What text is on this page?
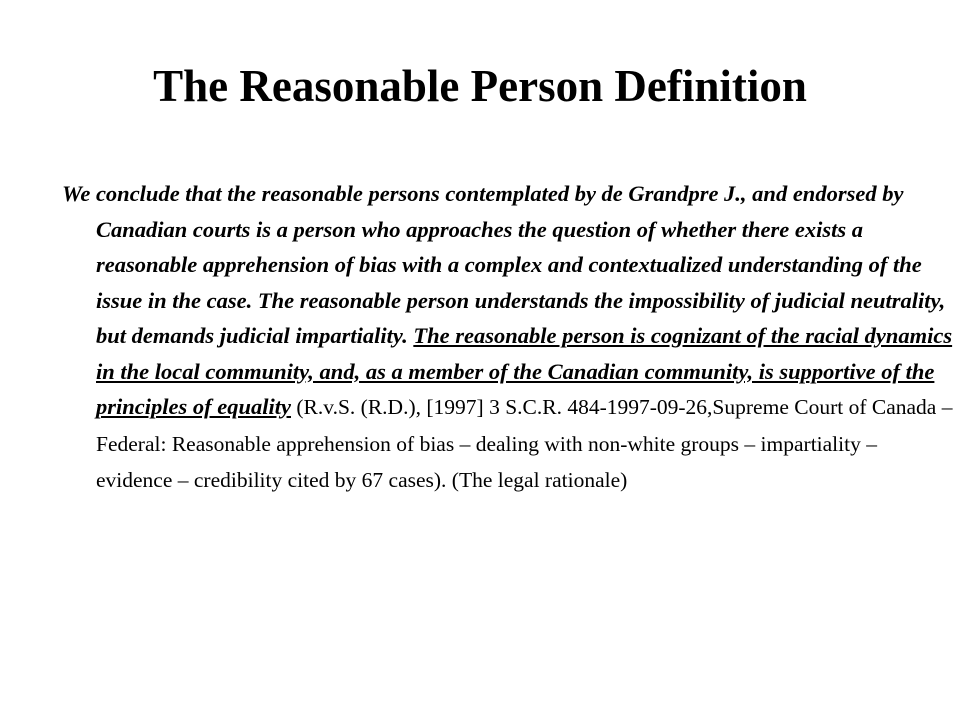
The Reasonable Person Definition
We conclude that the reasonable persons contemplated by de Grandpre J., and endorsed by Canadian courts is a person who approaches the question of whether there exists a reasonable apprehension of bias with a complex and contextualized understanding of the issue in the case. The reasonable person understands the impossibility of judicial neutrality, but demands judicial impartiality. The reasonable person is cognizant of the racial dynamics in the local community, and, as a member of the Canadian community, is supportive of the principles of equality (R.v.S. (R.D.), [1997] 3 S.C.R. 484-1997-09-26,Supreme Court of Canada – Federal: Reasonable apprehension of bias – dealing with non-white groups – impartiality – evidence – credibility cited by 67 cases). (The legal rationale)
